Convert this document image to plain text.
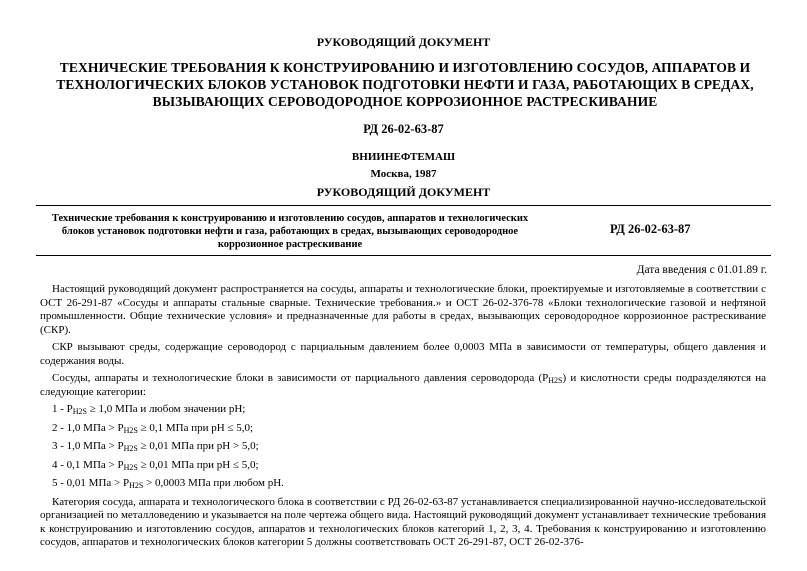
РУКОВОДЯЩИЙ ДОКУМЕНТ
ТЕХНИЧЕСКИЕ ТРЕБОВАНИЯ К КОНСТРУИРОВАНИЮ И ИЗГОТОВЛЕНИЮ СОСУДОВ, АППАРАТОВ И ТЕХНОЛОГИЧЕСКИХ БЛОКОВ УСТАНОВОК ПОДГОТОВКИ НЕФТИ И ГАЗА, РАБОТАЮЩИХ В СРЕДАХ, ВЫЗЫВАЮЩИХ СЕРОВОДОРОДНОЕ КОРРОЗИОННОЕ РАСТРЕСКИВАНИЕ
РД 26-02-63-87
ВНИИНЕФТЕМАШ
Москва, 1987
РУКОВОДЯЩИЙ ДОКУМЕНТ
Технические требования к конструированию и изготовлению сосудов, аппаратов и технологических блоков установок подготовки нефти и газа, работающих в средах, вызывающих сероводородное коррозионное растрескивание
РД 26-02-63-87
Дата введения с 01.01.89 г.

Настоящий руководящий документ распространяется на сосуды, аппараты и технологические блоки, проектируемые и изготовляемые в соответствии с ОСТ 26-291-87 «Сосуды и аппараты стальные сварные. Технические требования.» и ОСТ 26-02-376-78 «Блоки технологические газовой и нефтяной промышленности. Общие технические условия» и предназначенные для работы в средах, вызывающих сероводородное коррозионное растрескивание (СКР).

СКР вызывают среды, содержащие сероводород с парциальным давлением более 0,0003 МПа в зависимости от температуры, общего давления и содержания воды.

Сосуды, аппараты и технологические блоки в зависимости от парциального давления сероводорода $(Р_{H2S})$ и кислотности среды подразделяются на следующие категории:

$1 - Р_{H2S} \ge 1,0$ МПа и любом значении pH;

2 - 1,0 МПа > $Р_{H2S} \ge 0,1$ МПа при pH ≤ 5,0;

3 - 1,0 МПа > $Р_{H2S} \ge 0,01$ МПа при pH > 5,0;

4 - 0,1 МПа > $Р_{H2S} \ge 0,01$ МПа при pH ≤ 5,0;

5 - 0,01 МПа > $Р_{H2S} > 0,0003$ МПа при любом pH.

Категория сосуда, аппарата и технологического блока в соответствии с РД 26-02-63-87 устанавливается специализированной научно-исследовательской организацией по металловедению и указывается на поле чертежа общего вида. Настоящий руководящий документ устанавливает технические требования к конструированию и изготовлению сосудов, аппаратов и технологических блоков категорий 1, 2, 3, 4. Требования к конструированию и изготовлению сосудов, аппаратов и технологических блоков категории 5 должны соответствовать ОСТ 26-291-87, ОСТ 26-02-376-
